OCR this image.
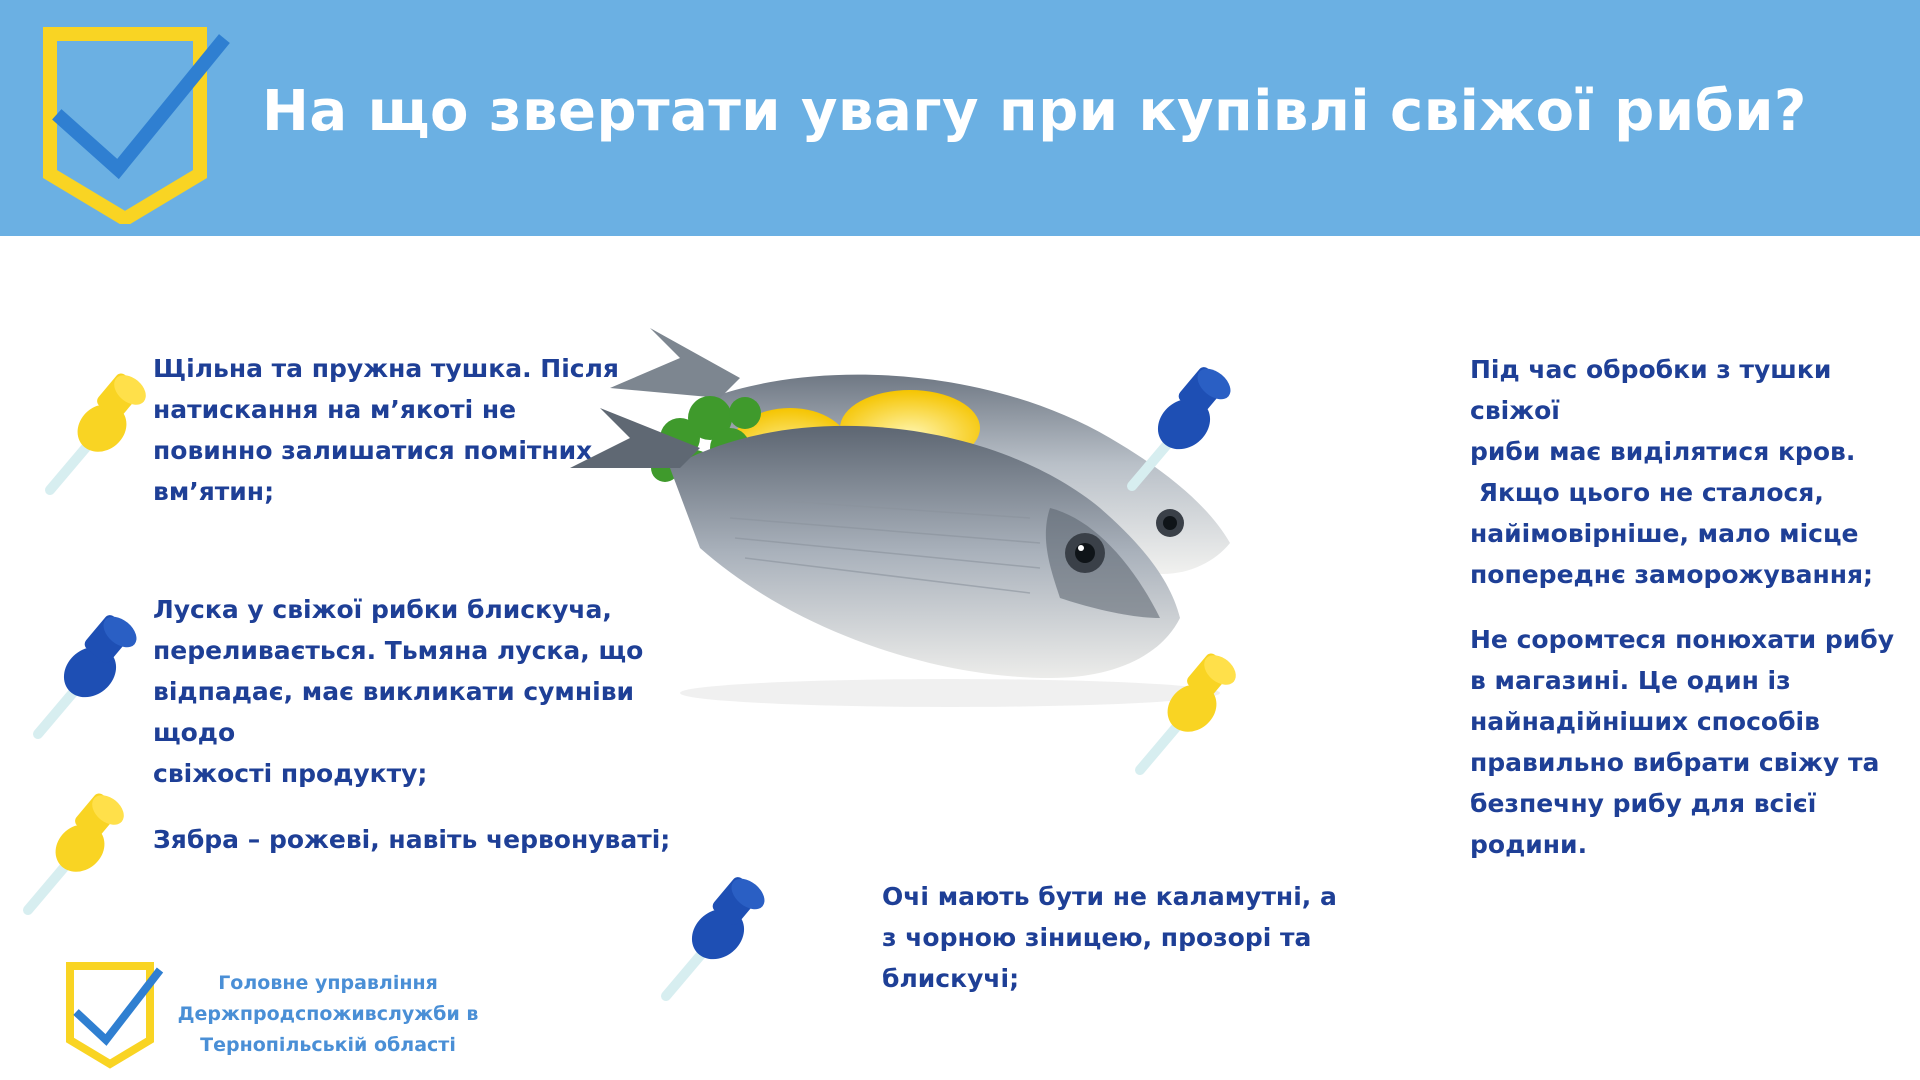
На що звертати увагу при купівлі свіжої риби?
Щільна та пружна тушка. Після
натискання на м’якоті не
повинно залишатися помітних
вм’ятин;
Луска у свіжої рибки блискуча,
переливається. Тьмяна луска, що
відпадає, має викликати сумніви щодо
свіжості продукту;
Зябра – рожеві, навіть червонуваті;
Очі мають бути не каламутні, а
з чорною зіницею, прозорі та
блискучі;
Під час обробки з тушки свіжої
риби має виділятися кров.
Якщо цього не сталося,
найімовірніше, мало місце
попереднє заморожування;
Не соромтеся понюхати рибу
в магазині. Це один із
найнадійніших способів
правильно вибрати свіжу та
безпечну рибу для всієї
родини.
Головне управління
Держпродспоживслужби в
Тернопільській області
